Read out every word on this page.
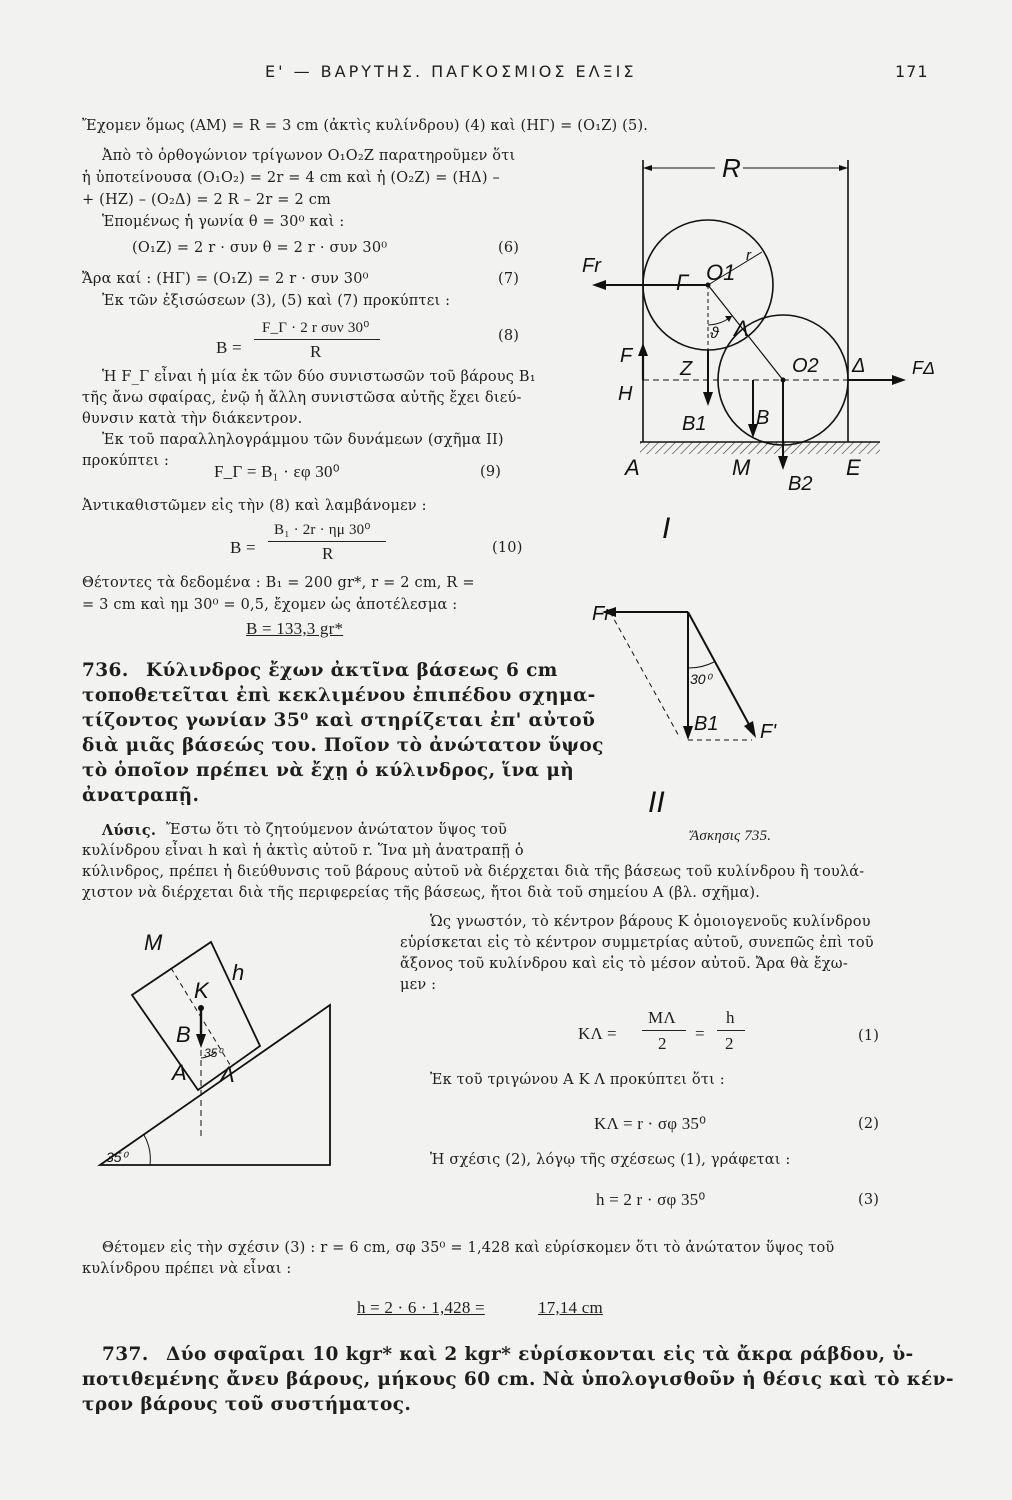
Ε' — ΒΑΡΥΤΗΣ. ΠΑΓΚΟΣΜΙΟΣ ΕΛΞΙΣ	171
Ἔχομεν ὅμως (ΑΜ) = R = 3 cm (ἀκτὶς κυλίνδρου) (4) καὶ (ΗΓ) = (O₁Z) (5).
Ἀπὸ τὸ ὀρθογώνιον τρίγωνον O₁O₂Z παρατηροῦμεν ὅτι
ἡ ὑποτείνουσα (O₁O₂) = 2r = 4 cm καὶ ἡ (O₂Z) = (ΗΔ) –
+ (ΗΖ) – (O₂Δ) = 2 R – 2r = 2 cm
Ἑπομένως ἡ γωνία θ = 30⁰ καὶ :
(O₁Z) = 2 r · συν θ = 2 r · συν 30⁰	(6)
Ἄρα καί : (ΗΓ) = (O₁Z) = 2 r · συν 30⁰	(7)
Ἐκ τῶν ἐξισώσεων (3), (5) καὶ (7) προκύπτει :
B =
F_Γ · 2 r συν 30⁰
R
(8)
Ἡ F_Γ εἶναι ἡ μία ἐκ τῶν δύο συνιστωσῶν τοῦ βάρους B₁
τῆς ἄνω σφαίρας, ἐνῷ ἡ ἄλλη συνιστῶσα αὐτῆς ἔχει διεύ-
θυνσιν κατὰ τὴν διάκεντρον.
Ἐκ τοῦ παραλληλογράμμου τῶν δυνάμεων (σχῆμα ΙΙ)
προκύπτει :
F_Γ = B₁ · εφ 30⁰	(9)
Ἀντικαθιστῶμεν εἰς τὴν (8) καὶ λαμβάνομεν :
B =
B₁ · 2r · ημ 30⁰
R	(10)
Θέτοντες τὰ δεδομένα : B₁ = 200 gr*, r = 2 cm, R =
= 3 cm καὶ ημ 30⁰ = 0,5, ἔχομεν ὡς ἀποτέλεσμα :
B = 133,3 gr*
736. Κύλινδρος ἔχων ἀκτῖνα βάσεως 6 cm
τοποθετεῖται ἐπὶ κεκλιμένου ἐπιπέδου σχημα-
τίζοντος γωνίαν 35⁰ καὶ στηρίζεται ἐπ' αὐτοῦ
διὰ μιᾶς βάσεώς του. Ποῖον τὸ ἀνώτατον ὕψος
τὸ ὁποῖον πρέπει νὰ ἔχῃ ὁ κύλινδρος, ἵνα μὴ
ἀνατραπῇ.
Λύσις. Ἔστω ὅτι τὸ ζητούμενον ἀνώτατον ὕψος τοῦ
κυλίνδρου εἶναι h καὶ ἡ ἀκτὶς αὐτοῦ r. Ἵνα μὴ ἀνατραπῇ ὁ
κύλινδρος, πρέπει ἡ διεύθυνσις τοῦ βάρους αὐτοῦ νὰ διέρχεται διὰ τῆς βάσεως τοῦ κυλίνδρου ἢ τουλά-
χιστον νὰ διέρχεται διὰ τῆς περιφερείας τῆς βάσεως, ἤτοι διὰ τοῦ σημείου Α (βλ. σχῆμα).
Ὡς γνωστόν, τὸ κέντρον βάρους Κ ὁμοιογενοῦς κυλίνδρου
εὑρίσκεται εἰς τὸ κέντρον συμμετρίας αὐτοῦ, συνεπῶς ἐπὶ τοῦ
ἄξονος τοῦ κυλίνδρου καὶ εἰς τὸ μέσον αὐτοῦ. Ἄρα θὰ ἔχω-
μεν :
ΚΛ =
ΜΛ
2
=
h
2	(1)
Ἐκ τοῦ τριγώνου Α Κ Λ προκύπτει ὅτι :
ΚΛ = r · σφ 35⁰	(2)
Ἡ σχέσις (2), λόγῳ τῆς σχέσεως (1), γράφεται :
h = 2 r · σφ 35⁰	(3)
Θέτομεν εἰς τὴν σχέσιν (3) : r = 6 cm, σφ 35⁰ = 1,428 καὶ εὑρίσκομεν ὅτι τὸ ἀνώτατον ὕψος τοῦ
κυλίνδρου πρέπει νὰ εἶναι :
h = 2 · 6 · 1,428 =	17,14 cm
737. Δύο σφαῖραι 10 kgr* καὶ 2 kgr* εὑρίσκονται εἰς τὰ ἄκρα ράβδου, ὑ-
ποτιθεμένης ἄνευ βάρους, μήκους 60 cm. Νὰ ὑπολογισθοῦν ἡ θέσις καὶ τὸ κέν-
τρον βάρους τοῦ συστήματος.
R
r
ϑ
Fr
F
H
Δ	FΔ
Γ O1
Λ
Z	O2
B1 B
A	M
B2
E
I
Fr
B1 F'
30⁰
II
Ἄσκησις 735.
35⁰
35⁰
M
K
h
B
A Λ
